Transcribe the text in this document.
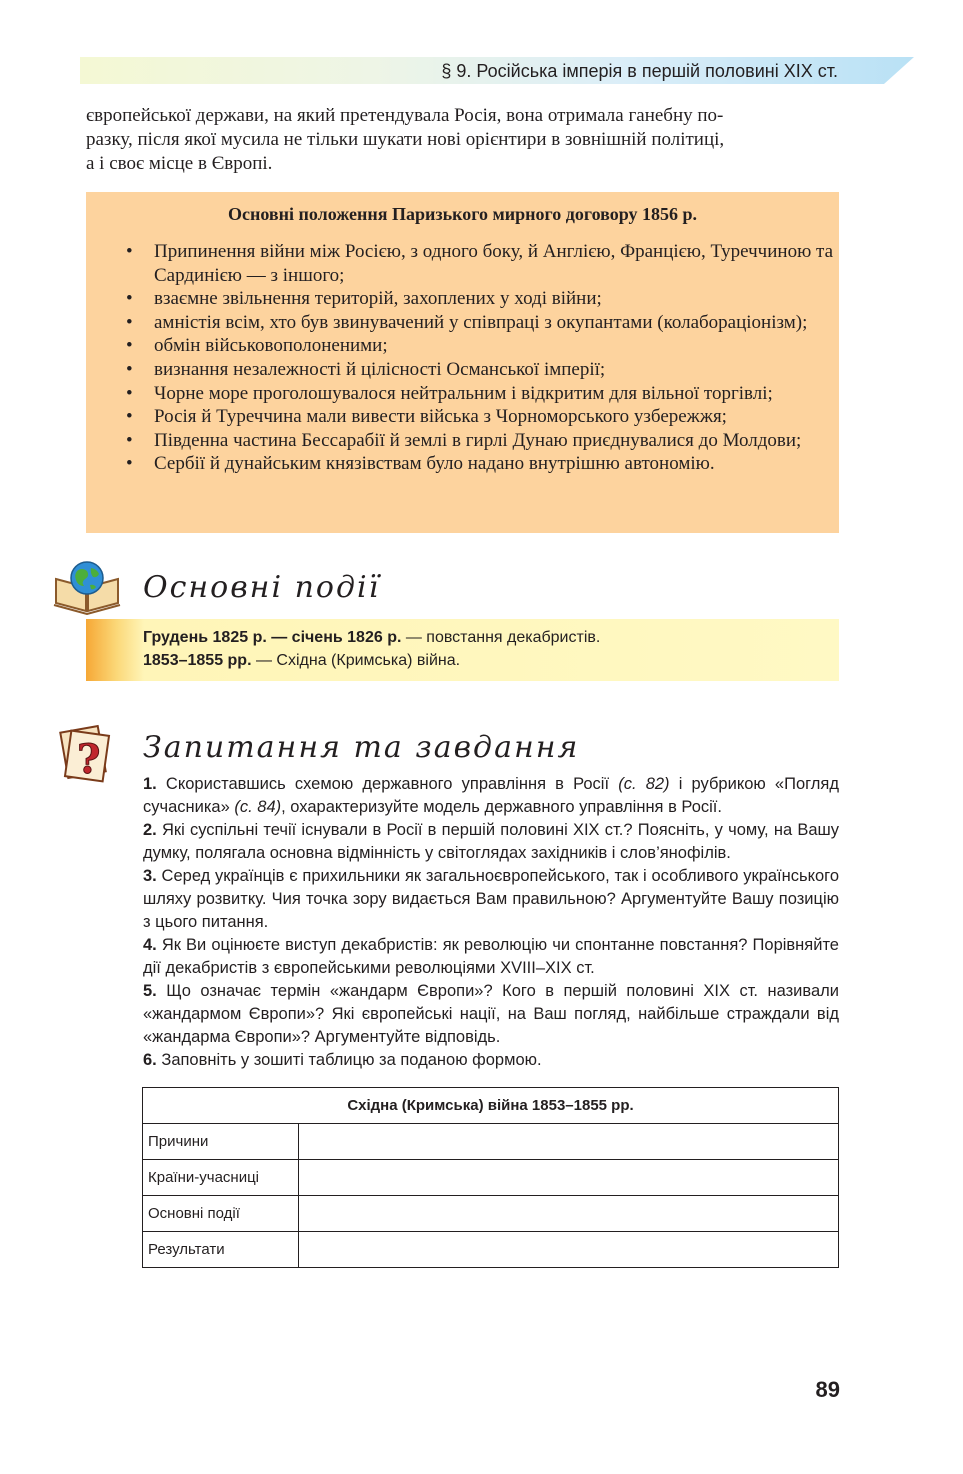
§ 9. Російська імперія в першій половині XIX ст.

європейської держави, на який претендувала Росія, вона отримала ганебну по-

разку, після якої мусила не тільки шукати нові орієнтири в зовнішній політиці,

а і своє місце в Європі.

Основні положення Паризького мирного договору 1856 р.
• Припинення війни між Росією, з одного боку, й Англією, Францією, Туреччиною та Сардинією — з іншого;
• взаємне звільнення територій, захоплених у ході війни;
• амністія всім, хто був звинувачений у співпраці з окупантами (колабораціонізм);
• обмін військовополоненими;
• визнання незалежності й цілісності Османської імперії;
• Чорне море проголошувалося нейтральним і відкритим для вільної торгівлі;
• Росія й Туреччина мали вивести війська з Чорноморського узбережжя;
• Південна частина Бессарабії й землі в гирлі Дунаю приєднувалися до Молдови;
• Сербії й дунайським князівствам було надано внутрішню автономію.
Основні події
Грудень 1825 р. — січень 1826 р. — повстання декабристів.
1853–1855 рр. — Східна (Кримська) війна.
? Запитання та завдання

1. Скориставшись схемою державного управління в Росії (с. 82) і рубрикою «Погляд сучасника» (с. 84), охарактеризуйте модель державного управління в Росії.

2. Які суспільні течії існували в Росії в першій половині XIX ст.? Поясніть, у чому, на Вашу думку, полягала основна відмінність у світоглядах західників і слов’янофілів.

3. Серед українців є прихильники як загальноєвропейського, так і особливого українського шляху розвитку. Чия точка зору видається Вам правильною? Аргументуйте Вашу позицію з цього питання.

4. Як Ви оцінюєте виступ декабристів: як революцію чи спонтанне повстання? Порівняйте дії декабристів з європейськими революціями XVIII–XIX ст.

5. Що означає термін «жандарм Європи»? Кого в першій половині XIX ст. називали «жандармом Європи»? Які європейські нації, на Ваш погляд, найбільше страждали від «жандарма Європи»? Аргументуйте відповідь.

6. Заповніть у зошиті таблицю за поданою формою.

Східна (Кримська) війна 1853–1855 рр.	
Причини	
Країни-учасниці	
Основні події	
Результати	
89
